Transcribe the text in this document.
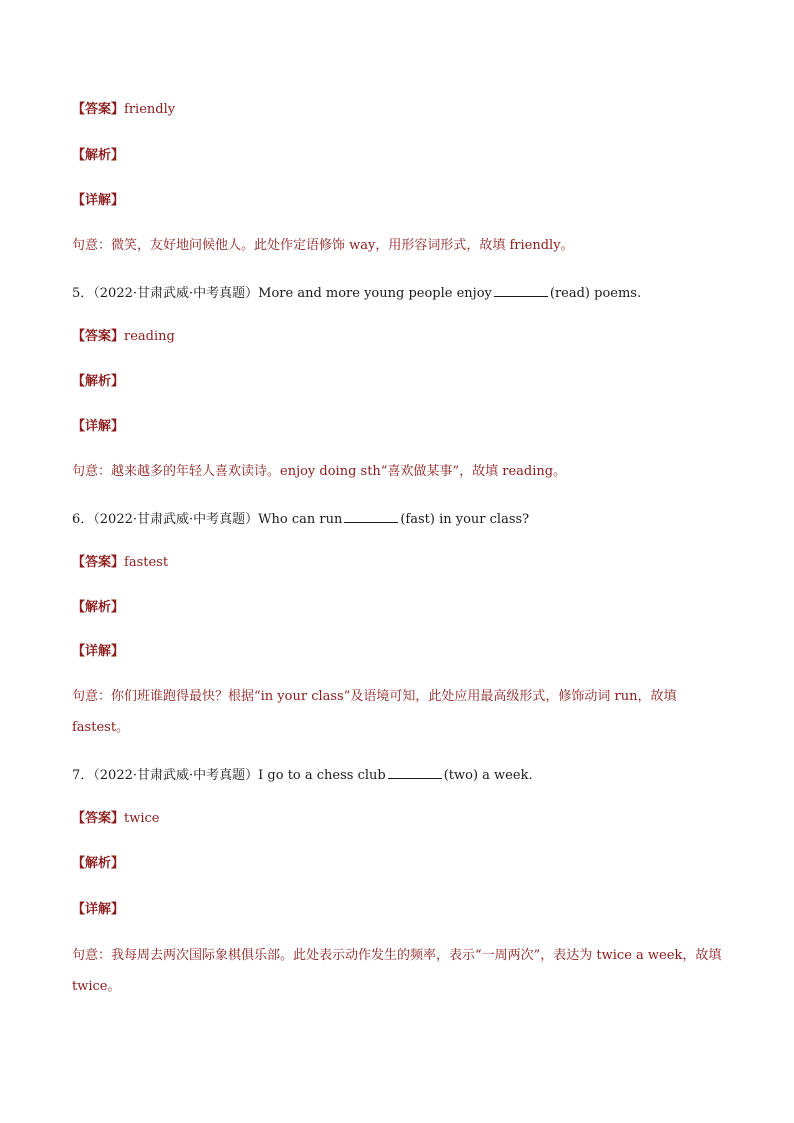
【答案】friendly
【解析】
【详解】
句意：微笑，友好地问候他人。此处作定语修饰 way，用形容词形式，故填 friendly。
5．（2022·甘肃武威·中考真题）More and more young people enjoy	(read) poems.
【答案】reading
【解析】
【详解】
句意：越来越多的年轻人喜欢读诗。enjoy doing sth“喜欢做某事”，故填 reading。
6．（2022·甘肃武威·中考真题）Who can run	(fast) in your class?
【答案】fastest
【解析】
【详解】
句意：你们班谁跑得最快？根据“in your class”及语境可知，此处应用最高级形式，修饰动词 run，故填 fastest。
7．（2022·甘肃武威·中考真题）I go to a chess club	(two) a week.
【答案】twice
【解析】
【详解】
句意：我每周去两次国际象棋俱乐部。此处表示动作发生的频率，表示“一周两次”，表达为 twice a week，故填 twice。
